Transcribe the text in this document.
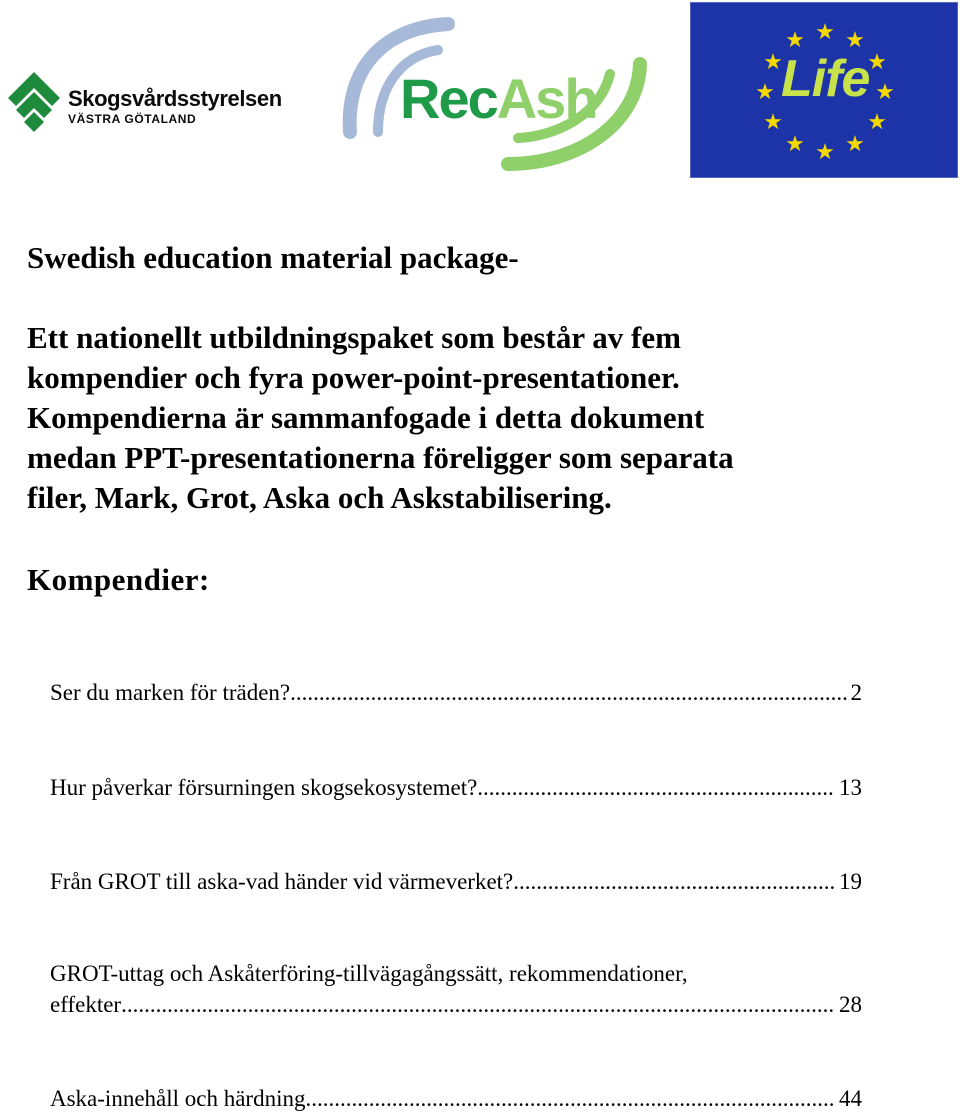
Skogsvårdsstyrelsen
VÄSTRA GÖTALAND	RecAsh
★ ★
★
★
★
★
★
★
★
★
★
★
Life
Swedish education material package-
Ett nationellt utbildningspaket som består av fem
kompendier och fyra power-point-presentationer.
Kompendierna är sammanfogade i detta dokument
medan PPT-presentationerna föreligger som separata
filer, Mark, Grot, Aska och Askstabilisering.
Kompendier:
Ser du marken för träden? .....	2
Hur påverkar försurningen skogsekosystemet? .....	13
Från GROT till aska-vad händer vid värmeverket? .....	19
GROT-uttag och Askåterföring-tillvägagångssätt, rekommendationer,
effekter .....	28
Aska-innehåll och härdning .....	44
